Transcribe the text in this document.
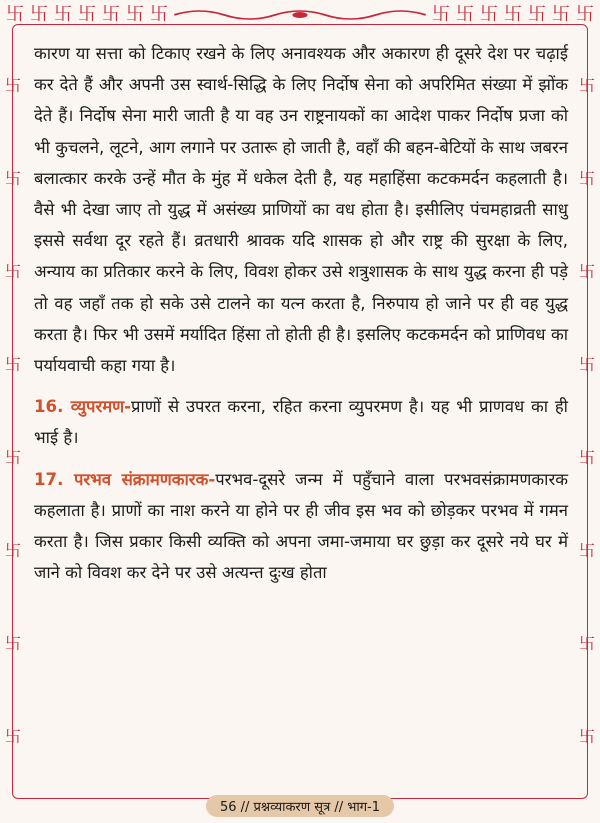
卐 卐 卐 卐 卐 卐 卐	卐 卐 卐 卐 卐 卐 卐
卐
卐
卐
卐
卐
卐
卐
卐
卐
卐
卐
卐
卐
卐
卐
卐

कारण या सत्ता को टिकाए रखने के लिए अनावश्यक और अकारण ही दूसरे देश पर चढ़ाई कर देते हैं और अपनी उस स्वार्थ-सिद्धि के लिए निर्दोष सेना को अपरिमित संख्या में झोंक देते हैं। निर्दोष सेना मारी जाती है या वह उन राष्ट्रनायकों का आदेश पाकर निर्दोष प्रजा को भी कुचलने, लूटने, आग लगाने पर उतारू हो जाती है, वहाँ की बहन-बेटियों के साथ जबरन बलात्कार करके उन्हें मौत के मुंह में धकेल देती है, यह महाहिंसा कटकमर्दन कहलाती है। वैसे भी देखा जाए तो युद्ध में असंख्य प्राणियों का वध होता है। इसीलिए पंचमहाव्रती साधु इससे सर्वथा दूर रहते हैं। व्रतधारी श्रावक यदि शासक हो और राष्ट्र की सुरक्षा के लिए, अन्याय का प्रतिकार करने के लिए, विवश होकर उसे शत्रुशासक के साथ युद्ध करना ही पड़े तो वह जहाँ तक हो सके उसे टालने का यत्न करता है, निरुपाय हो जाने पर ही वह युद्ध करता है। फिर भी उसमें मर्यादित हिंसा तो होती ही है। इसलिए कटकमर्दन को प्राणिवध का पर्यायवाची कहा गया है।

16. व्युपरमण-प्राणों से उपरत करना, रहित करना व्युपरमण है। यह भी प्राणवध का ही भाई है।

17. परभव संक्रामणकारक-परभव-दूसरे जन्म में पहुँचाने वाला परभवसंक्रामणकारक कहलाता है। प्राणों का नाश करने या होने पर ही जीव इस भव को छोड़कर परभव में गमन करता है। जिस प्रकार किसी व्यक्ति को अपना जमा-जमाया घर छुड़ा कर दूसरे नये घर में जाने को विवश कर देने पर उसे अत्यन्त दुःख होता

56 // प्रश्नव्याकरण सूत्र // भाग-1
